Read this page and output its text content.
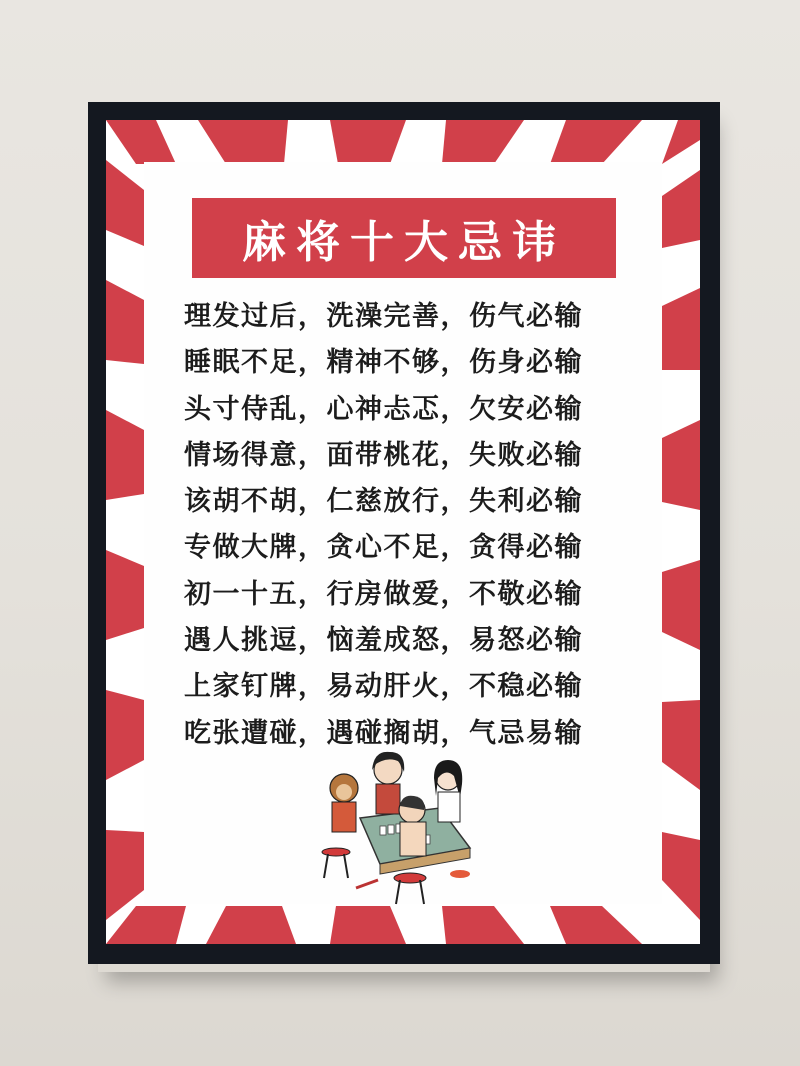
麻将十大忌讳
理发过后，洗澡完善，伤气必输
睡眠不足，精神不够，伤身必输
头寸侍乱，心神忐忑，欠安必输
情场得意，面带桃花，失败必输
该胡不胡，仁慈放行，失利必输
专做大牌，贪心不足，贪得必输
初一十五，行房做爱，不敬必输
遇人挑逗，恼羞成怒，易怒必输
上家钉牌，易动肝火，不稳必输
吃张遭碰，遇碰搁胡，气忌易输
